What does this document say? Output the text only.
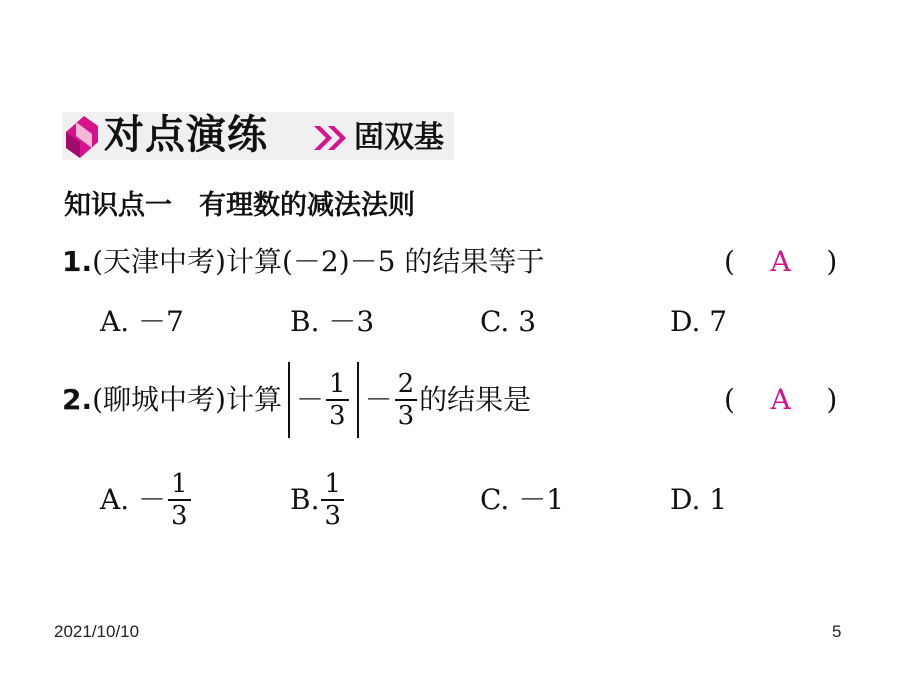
对点演练	固双基
知识点一　有理数的减法法则
1.(天津中考)计算(－2)－5 的结果等于	( A )
A. －7	B. －3	C. 3	D. 7
2. (聊城中考) 计算 － $\frac{1}{3} - \frac{2}{3}$ 的结果是	( A )
A. － $\frac{1}{3}$	B. $\frac{1}{3}$	C. －1	D. 1
2021/10/10	5
